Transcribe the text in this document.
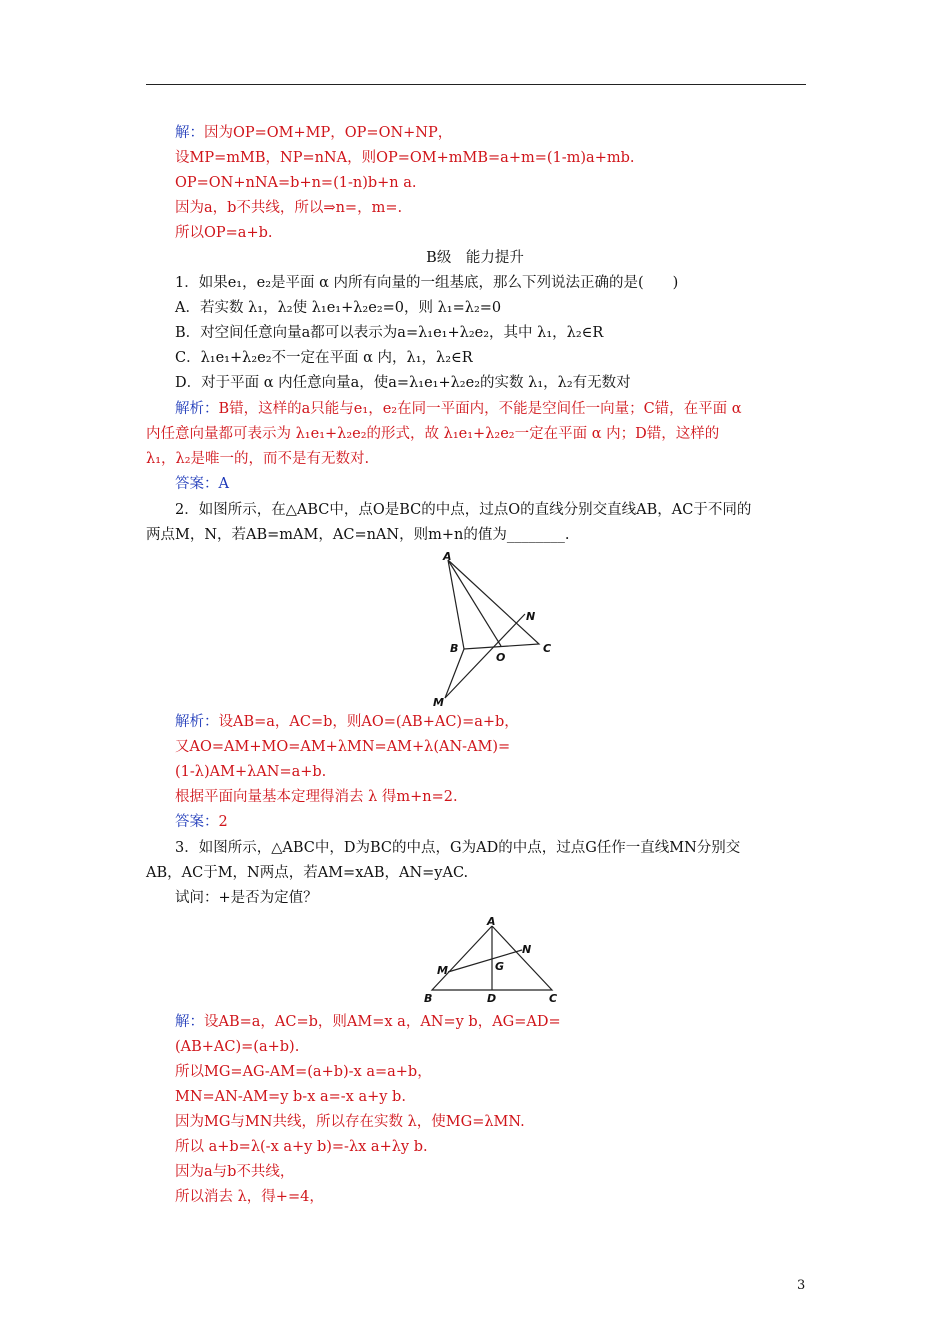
解：因为OP=OM+MP，OP=ON+NP，
设MP=mMB，NP=nNA，则OP=OM+mMB=a+m=(1-m)a+mb.
OP=ON+nNA=b+n=(1-n)b+n a.
因为a，b不共线，所以⇒n=，m=.
所以OP=a+b.
B级　能力提升
1．如果e₁，e₂是平面 α 内所有向量的一组基底，那么下列说法正确的是(　　)
A．若实数 λ₁，λ₂使 λ₁e₁+λ₂e₂=0，则 λ₁=λ₂=0
B．对空间任意向量a都可以表示为a=λ₁e₁+λ₂e₂，其中 λ₁，λ₂∈R
C．λ₁e₁+λ₂e₂不一定在平面 α 内，λ₁，λ₂∈R
D．对于平面 α 内任意向量a，使a=λ₁e₁+λ₂e₂的实数 λ₁，λ₂有无数对
解析：B错，这样的a只能与e₁，e₂在同一平面内，不能是空间任一向量；C错，在平面 α
内任意向量都可表示为 λ₁e₁+λ₂e₂的形式，故 λ₁e₁+λ₂e₂一定在平面 α 内；D错，这样的
λ₁，λ₂是唯一的，而不是有无数对.
答案：A
2．如图所示，在△ABC中，点O是BC的中点，过点O的直线分别交直线AB，AC于不同的
两点M，N，若AB=mAM，AC=nAN，则m+n的值为________.
A
B	C
O
N
M
解析：设AB=a，AC=b，则AO=(AB+AC)=a+b，
又AO=AM+MO=AM+λMN=AM+λ(AN-AM)=
(1-λ)AM+λAN=a+b.
根据平面向量基本定理得消去 λ 得m+n=2.
答案：2
3．如图所示，△ABC中，D为BC的中点，G为AD的中点，过点G任作一直线MN分别交
AB，AC于M，N两点，若AM=xAB，AN=yAC.
试问：+是否为定值？
A
B	D	C
G
M
N
解：设AB=a，AC=b，则AM=x a，AN=y b，AG=AD=
(AB+AC)=(a+b).
所以MG=AG-AM=(a+b)-x a=a+b，
MN=AN-AM=y b-x a=-x a+y b.
因为MG与MN共线，所以存在实数 λ，使MG=λMN.
所以 a+b=λ(-x a+y b)=-λx a+λy b.
因为a与b不共线，
所以消去 λ，得+=4，
3
